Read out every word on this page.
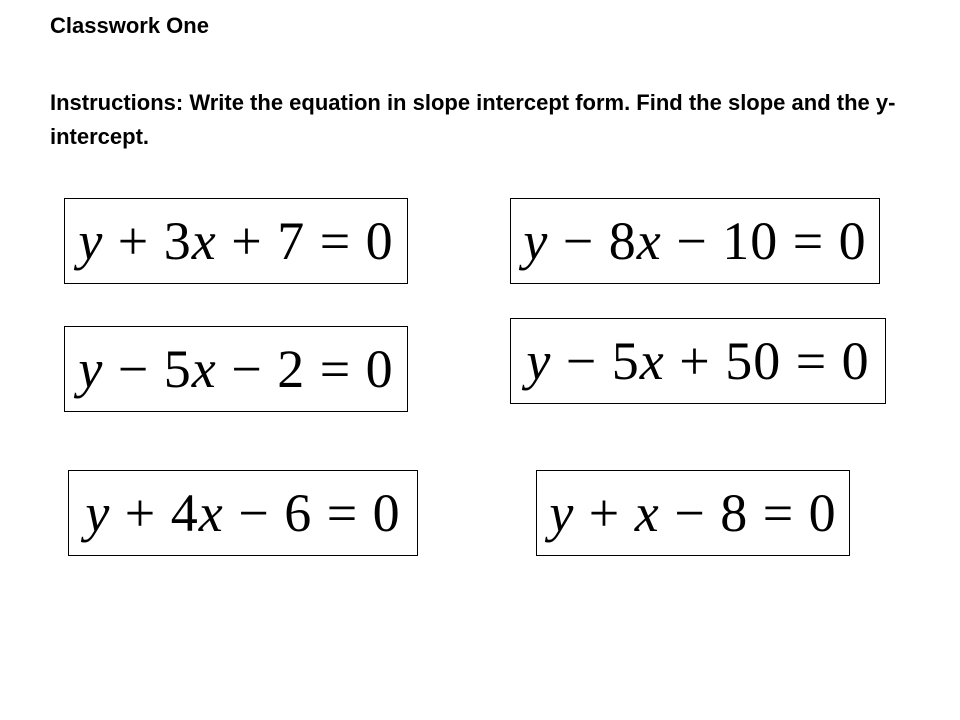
Classwork One

Instructions: Write the equation in slope intercept form. Find the slope and the y-intercept.

y + 3x + 7 = 0 y − 8x − 10 = 0
y − 5x − 2 = 0 y − 5x + 50 = 0
y + 4x − 6 = 0	y + x − 8 = 0
